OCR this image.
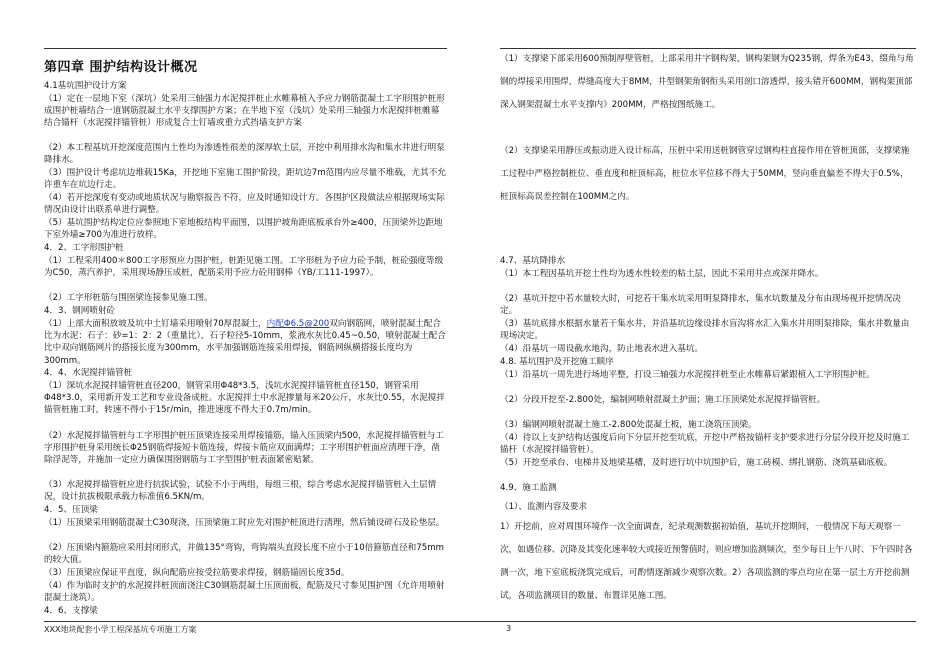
第四章 围护结构设计概况
4.1基坑围护设计方案
（1）定在一层地下室（深坑）处采用三轴强力水泥搅拌桩止水帷幕植入予应力钢筋混凝土工字形围护桩形成围护桩墙结合一道钢筋混凝土水平支撑围护方案；在半地下室（浅坑）处采用三轴强力水泥搅拌桩帷幕结合锚杆（水泥搅拌锚管桩）形成复合土钉墙或重力式挡墙支护方案
（2）本工程基坑开挖深度范围内土性均为渗透性很差的深厚软土层，开挖中利用排水沟和集水井进行明泵降排水。
（3）围护设计考虑坑边堆载15Ka，开挖地下室施工围护阶段，距坑边7m范围内应尽量不堆载，尤其不允许重车在坑边行走。
（4）若开挖深度有变动或地质状况与勘察报告不符，应及时通知设计方。各围护区段做法应根据现场实际情况由设计出联系单进行调整。
（5）基坑围护结构定位应参照地下室地板结构平面图，以围护坡角距底板承台外≥400，压顶梁外边距地下室外墙≥700为准进行放样。
4．2、工字形围护桩
（1）工程采用400＊800工字形预应力围护桩，桩距见施工图。工字形桩为予应力砼予制，桩砼强度等级为C50，蒸汽养护，采用现场静压成桩，配筋采用予应力砼用钢棒（YB/工111-1997）。
（2）工字形桩筋与围囹梁连接参见施工图。
4．3、钢网喷射砼
（1）上部大面积放坡及坑中土钉墙采用喷射70厚混凝土，内配Φ6.5@200双向钢筋网，喷射混凝土配合比为水泥：石子：砂=1：2：2（重量比），石子粒径5-10mm，浆液水灰比0.45~0.50，喷射混凝土配合比中双向钢筋网片的搭接长度为300mm，水平加强钢筋连接采用焊接，钢筋网纵横搭接长度均为300mm。
4．4、水泥搅拌锚管桩
（1）深坑水泥搅拌锚管桩直径200，钢管采用Φ48*3.5，浅坑水泥搅拌锚管桩直径150，钢管采用Φ48*3.0，采用新开发工艺和专业设备成桩。水泥搅拌土中水泥掺量每米20公斤，水灰比0.55，水泥搅拌锚管桩施工时，转速不得小于15r/min，推进速度不得大于0.7m/min。
（2）水泥搅拌锚管桩与工字形围护桩压顶梁连接采用焊接锚筋，锚入压顶梁内500，水泥搅拌锚管桩与工字形围护桩身采用统长Φ25钢筋焊接短卡筋连接，焊接卡筋应双面满焊；工字形围护桩面应清理干净，凿除浮泥等，并施加一定应力确保围囹钢筋与工字型围护桩表面紧密贴紧。
（3）水泥搅拌锚管桩应进行抗拔试验，试验不小于两组，每组三根，综合考虑水泥搅拌锚管桩入土层情况，设计抗拔极限承载力标准值6.5KN/m。
4．5、压顶梁
（1）压顶梁采用钢筋混凝土C30现浇，压顶梁施工时应先对围护桩顶进行清理，然后铺设碎石及砼垫层。
（2）压顶梁内箍筋应采用封闭形式，并做135°弯钩，弯钩端头直段长度不应小于10倍箍筋直径和75mm的较大值。
（3）压顶梁应保证平直度，纵向配筋应按受拉筋要求焊接，钢筋锚固长度35d。
（4）作为临时支护的水泥搅拌桩顶面浇注C30钢筋混凝土压顶面板，配筋及尺寸参见围护图（允许用喷射混凝土浇筑）。
4．6、支撑梁
（1）支撑梁下部采用600预制厚壁管桩，上部采用井字钢构架，钢构架钢为Q235钢，焊条为E43，缀角与角钢的焊接采用围焊，焊缝高度大于8MM，井型钢架角钢衔头采用剖口溶透焊，接头错开600MM，钢构架顶部深入钢架混凝土水平支撑内》200MM，严格按图纸施工。
（2）支撑梁采用静压或振动进入设计标高，压桩中采用送桩钢管穿过钢构柱直接作用在管桩顶部，支撑梁施工过程中严格控制桩位、垂直度和桩顶标高，桩位水平位移不得大于50MM，竖向垂直偏差不得大于0.5%，桩顶标高误差控制在100MM之内。
4.7、基坑降排水
（1）本工程因基坑开挖土性均为透水性较差的粘土层，因此不采用井点或深井降水。
（2）基坑开挖中若水量较大时，可挖若干集水坑采用明泵降排水，集水坑数量及分布由现场视开挖情况决定。
（3）基坑底排水根据水量若干集水井，并沿基坑边缘设排水盲沟将水汇入集水井用明泵排除，集水井数量由现场决定。
（4）沿基坑一周设截水地沟，防止地表水进入基坑。
4.8. 基坑围护及开挖施工顺序
（1）沿基坑一周先进行场地平整，打设三轴强力水泥搅拌桩至止水帷幕后紧跟植入工字形围护桩。
（2）分段开挖至-2.800处，编制网喷射混凝土护面；施工压顶梁处水泥搅拌锚管桩。
（3）编钢网喷射混凝土施工-2.800处混凝土板，施工浇筑压顶梁。
（4）待以上支护结构达强度后向下分层开挖至坑底，开挖中严格按锚杆支护要求进行分层分段开挖及时施工锚杆（水泥搅拌锚管桩）。
（5）开挖至承台、电梯井及地梁基槽，及时进行坑中坑围护后，施工砖模、绑扎钢筋、浇筑基础底板。
4.9、施工监测
（1）、监测内容及要求
1）开挖前，应对周围环境作一次全面调查，纪录观测数据初始值，基坑开挖期间，一般情况下每天观察一次，如遇位移、沉降及其变化速率较大或接近预警值时，则应增加监测频次，至少每日上午八时、下午四时各测一次，地下室底板浇筑完成后，可酌情逐渐减少观察次数。2）各项监测的零点均应在第一层土方开挖前测试，各项监测项目的数量、布置详见施工图。
XXX地块配套小学工程深基坑专项施工方案	3
